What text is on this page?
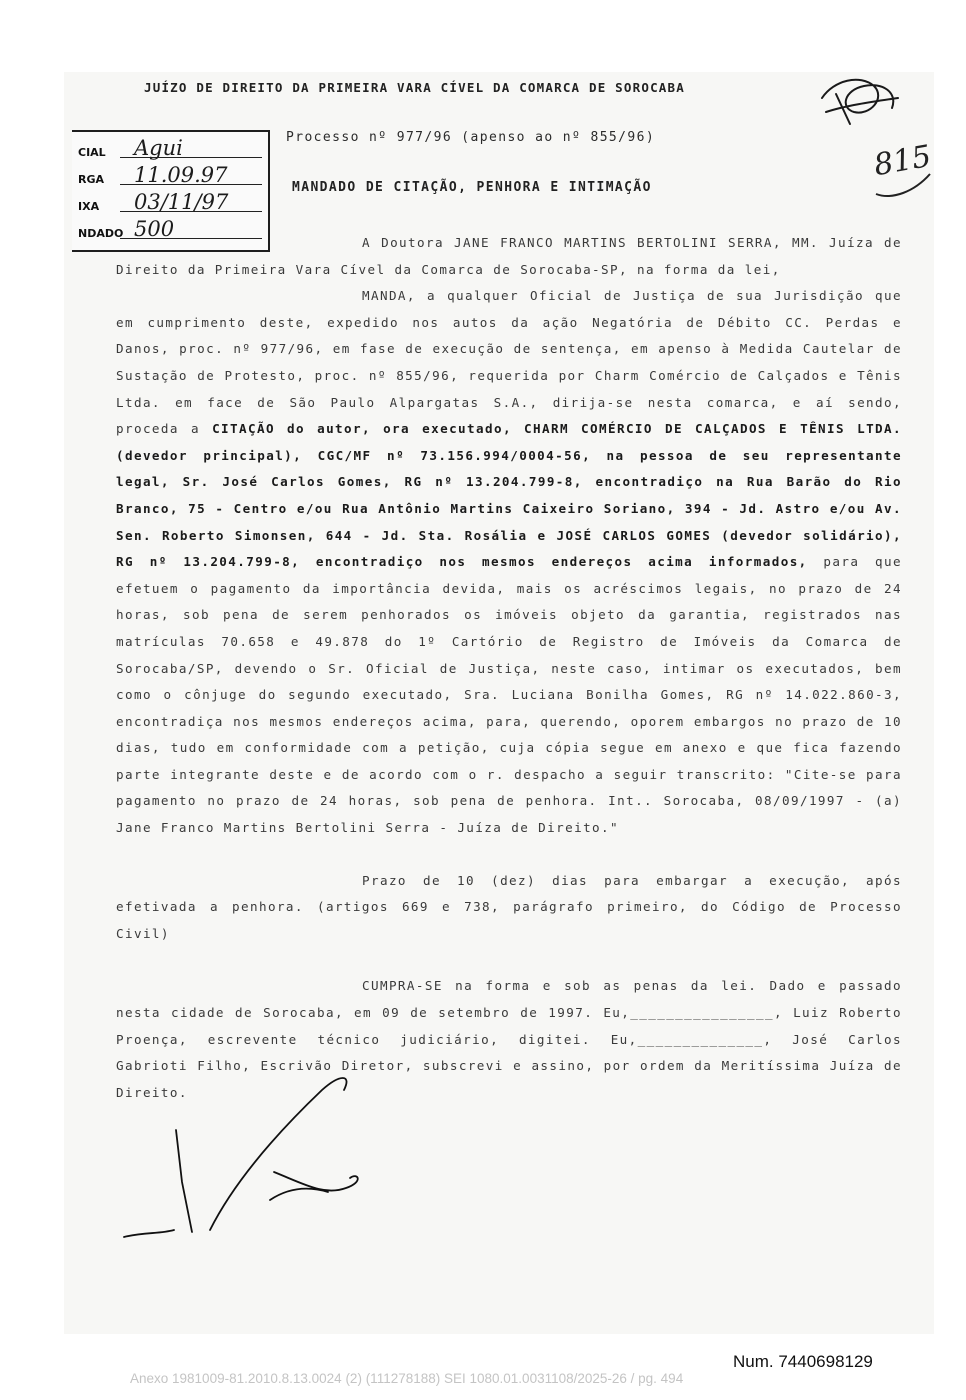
JUÍZO DE DIREITO DA PRIMEIRA VARA CÍVEL DA COMARCA DE SOROCABA
CIAL Agui
RGA 11.09.97
IXA 03/11/97
NDADO 500
Processo nº 977/96 (apenso ao nº 855/96)
MANDADO DE CITAÇÃO, PENHORA E INTIMAÇÃO

A Doutora JANE FRANCO MARTINS BERTOLINI SERRA, MM. Juíza de Direito da Primeira Vara Cível da Comarca de Sorocaba-SP, na forma da lei,

MANDA, a qualquer Oficial de Justiça de sua Jurisdição que em cumprimento deste, expedido nos autos da ação Negatória de Débito CC. Perdas e Danos, proc. nº 977/96, em fase de execução de sentença, em apenso à Medida Cautelar de Sustação de Protesto, proc. nº 855/96, requerida por Charm Comércio de Calçados e Tênis Ltda. em face de São Paulo Alpargatas S.A., dirija-se nesta comarca, e aí sendo, proceda a CITAÇÃO do autor, ora executado, CHARM COMÉRCIO DE CALÇADOS E TÊNIS LTDA. (devedor principal), CGC/MF nº 73.156.994/0004-56, na pessoa de seu representante legal, Sr. José Carlos Gomes, RG nº 13.204.799-8, encontradiço na Rua Barão do Rio Branco, 75 - Centro e/ou Rua Antônio Martins Caixeiro Soriano, 394 - Jd. Astro e/ou Av. Sen. Roberto Simonsen, 644 - Jd. Sta. Rosália e JOSÉ CARLOS GOMES (devedor solidário), RG nº 13.204.799-8, encontradiço nos mesmos endereços acima informados, para que efetuem o pagamento da importância devida, mais os acréscimos legais, no prazo de 24 horas, sob pena de serem penhorados os imóveis objeto da garantia, registrados nas matrículas 70.658 e 49.878 do 1º Cartório de Registro de Imóveis da Comarca de Sorocaba/SP, devendo o Sr. Oficial de Justiça, neste caso, intimar os executados, bem como o cônjuge do segundo executado, Sra. Luciana Bonilha Gomes, RG nº 14.022.860-3, encontradiça nos mesmos endereços acima, para, querendo, oporem embargos no prazo de 10 dias, tudo em conformidade com a petição, cuja cópia segue em anexo e que fica fazendo parte integrante deste e de acordo com o r. despacho a seguir transcrito: "Cite-se para pagamento no prazo de 24 horas, sob pena de penhora. Int.. Sorocaba, 08/09/1997 - (a) Jane Franco Martins Bertolini Serra - Juíza de Direito."

Prazo de 10 (dez) dias para embargar a execução, após efetivada a penhora. (artigos 669 e 738, parágrafo primeiro, do Código de Processo Civil)

CUMPRA-SE na forma e sob as penas da lei. Dado e passado nesta cidade de Sorocaba, em 09 de setembro de 1997. Eu,________________, Luiz Roberto Proença, escrevente técnico judiciário, digitei. Eu,______________, José Carlos Gabrioti Filho, Escrivão Diretor, subscrevi e assino, por ordem da Meritíssima Juíza de Direito.

815
Num. 7440698129
Anexo 1981009-81.2010.8.13.0024 (2) (111278188) SEI 1080.01.0031108/2025-26 / pg. 494
